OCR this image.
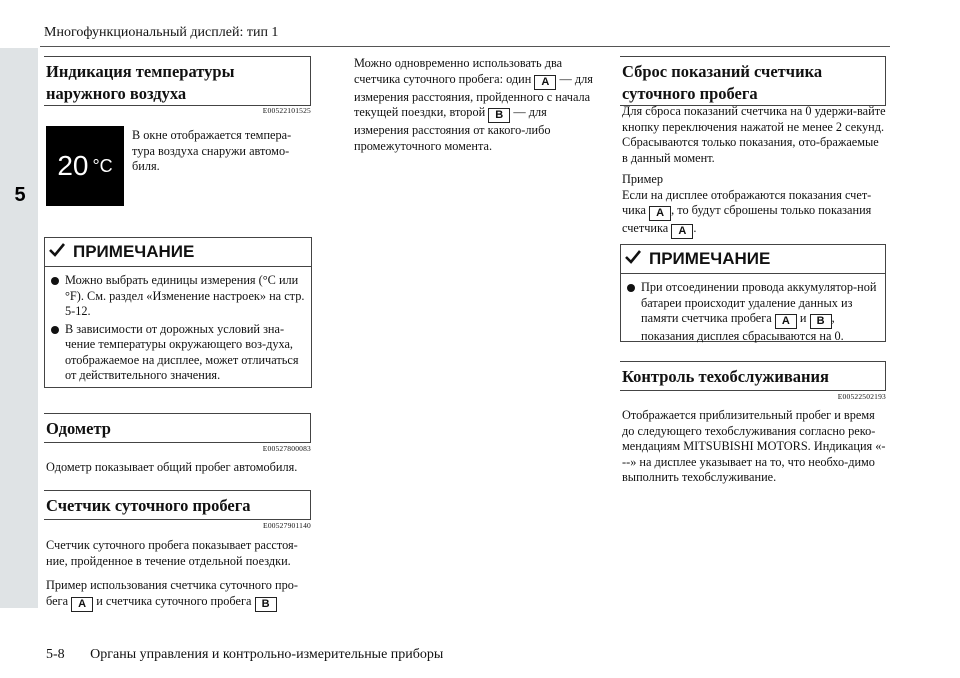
5
Многофункциональный дисплей: тип 1
Индикация температуры наружного воздуха
E00522101525
20 °C
В окне отображается темпера-тура воздуха снаружи автомо-биля.
ПРИМЕЧАНИЕ
Можно выбрать единицы измерения (°C или °F). См. раздел «Изменение настроек» на стр. 5-12.
В зависимости от дорожных условий зна-чение температуры окружающего воз-духа, отображаемое на дисплее, может отличаться от действительного значения.
Одометр
E00527800083
Одометр показывает общий пробег автомобиля.
Счетчик суточного пробега
E00527901140
Счетчик суточного пробега показывает расстоя-ние, пройденное в течение отдельной поездки.
Пример использования счетчика суточного про-бега A и счетчика суточного пробега B
Можно одновременно использовать два счетчика суточного пробега: один A — для измерения расстояния, пройденного с начала текущей поездки, второй B — для измерения расстояния от какого-либо промежуточного момента.
Сброс показаний счетчика суточного пробега
Для сброса показаний счетчика на 0 удержи-вайте кнопку переключения нажатой не менее 2 секунд. Сбрасываются только показания, ото-бражаемые в данный момент.

Пример

Если на дисплее отображаются показания счет-чика A , то будут сброшены только показания счетчика A .

ПРИМЕЧАНИЕ
При отсоединении провода аккумулятор-ной батареи происходит удаление данных из памяти счетчика пробега A и B , показания дисплея сбрасываются на 0.
Контроль техобслуживания
E00522502193
Отображается приблизительный пробег и время до следующего техобслуживания согласно реко-мендациям MITSUBISHI MOTORS. Индикация «---» на дисплее указывает на то, что необхо-димо выполнить техобслуживание.
5-8 Органы управления и контрольно-измерительные приборы
